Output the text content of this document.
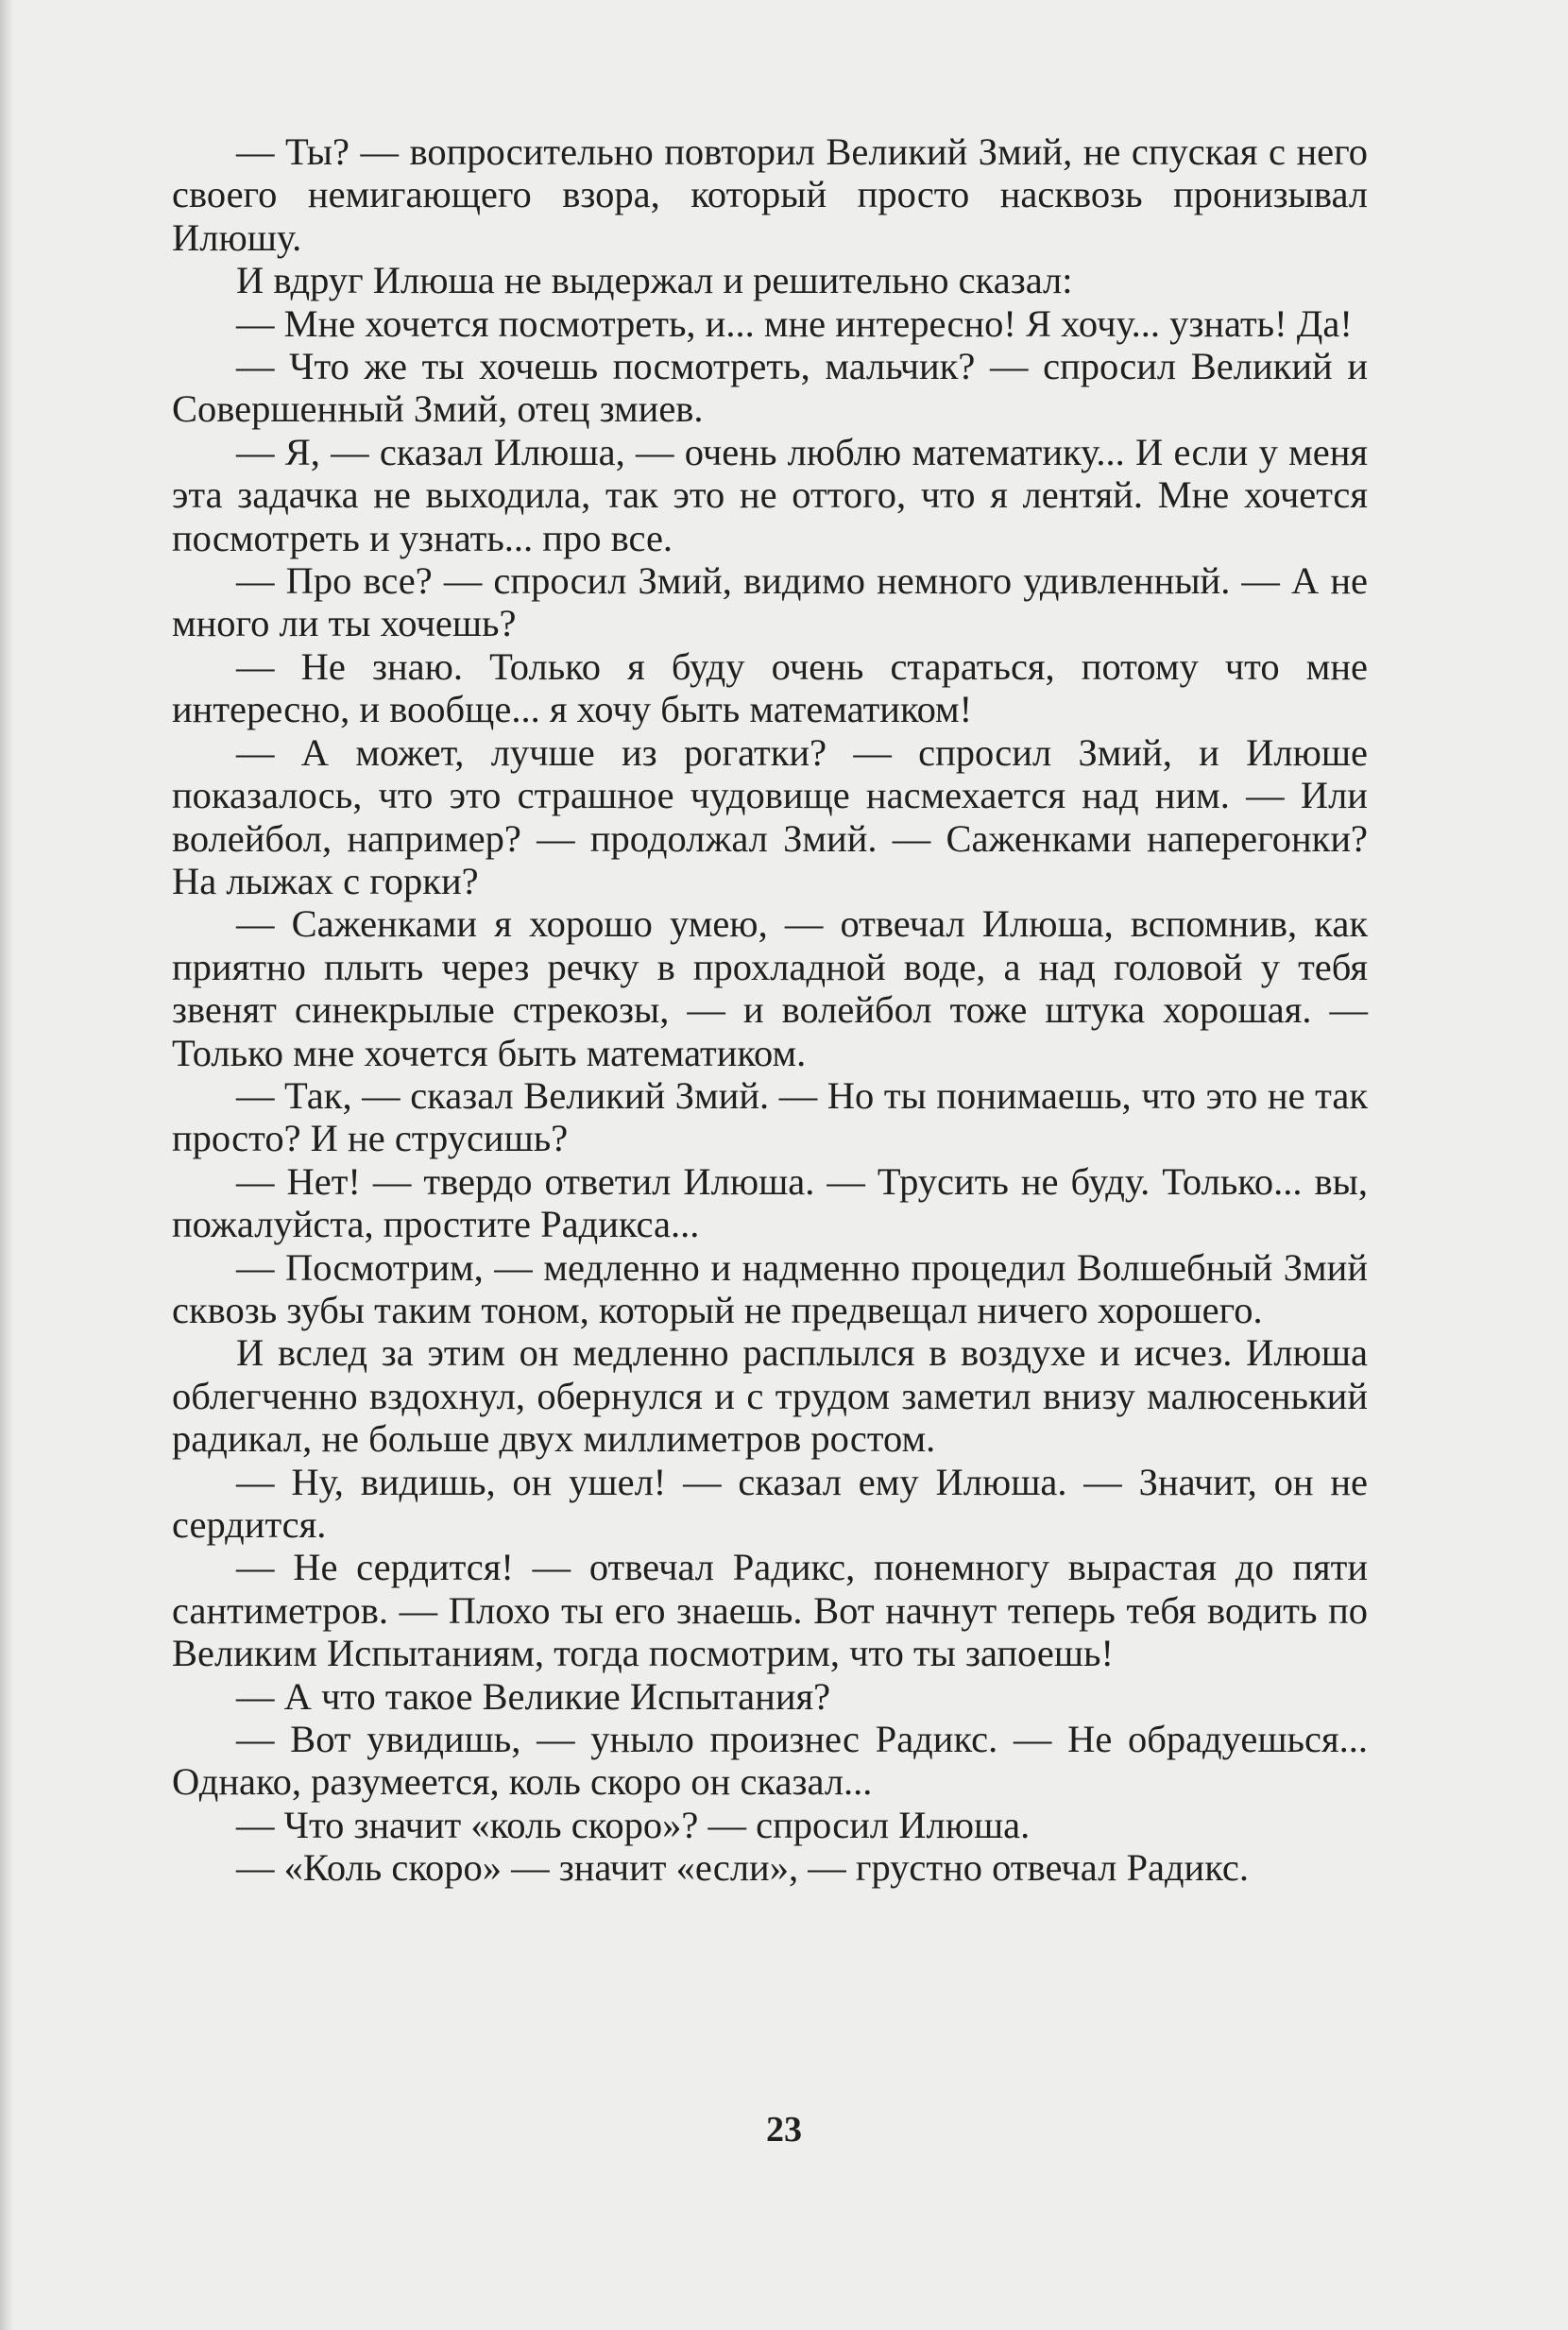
— Ты? — вопросительно повторил Великий Змий, не спуская с него своего немигающего взора, который просто насквозь пронизывал Илюшу.

И вдруг Илюша не выдержал и решительно сказал:

— Мне хочется посмотреть, и... мне интересно! Я хочу... узнать! Да!

— Что же ты хочешь посмотреть, мальчик? — спросил Великий и Совершенный Змий, отец змиев.

— Я, — сказал Илюша, — очень люблю математику... И если у меня эта задачка не выходила, так это не оттого, что я лентяй. Мне хочется посмотреть и узнать... про все.

— Про все? — спросил Змий, видимо немного удивленный. — А не много ли ты хочешь?

— Не знаю. Только я буду очень стараться, потому что мне интересно, и вообще... я хочу быть математиком!

— А может, лучше из рогатки? — спросил Змий, и Илюше показалось, что это страшное чудовище насмехается над ним. — Или волейбол, например? — продолжал Змий. — Саженками наперегонки? На лыжах с горки?

— Саженками я хорошо умею, — отвечал Илюша, вспомнив, как приятно плыть через речку в прохладной воде, а над головой у тебя звенят синекрылые стрекозы, — и волейбол тоже штука хорошая. — Только мне хочется быть математиком.

— Так, — сказал Великий Змий. — Но ты понимаешь, что это не так просто? И не струсишь?

— Нет! — твердо ответил Илюша. — Трусить не буду. Только... вы, пожалуйста, простите Радикса...

— Посмотрим, — медленно и надменно процедил Волшебный Змий сквозь зубы таким тоном, который не предвещал ничего хорошего.

И вслед за этим он медленно расплылся в воздухе и исчез. Илюша облегченно вздохнул, обернулся и с трудом заметил внизу малюсенький радикал, не больше двух миллиметров ростом.

— Ну, видишь, он ушел! — сказал ему Илюша. — Значит, он не сердится.

— Не сердится! — отвечал Радикс, понемногу вырастая до пяти сантиметров. — Плохо ты его знаешь. Вот начнут теперь тебя водить по Великим Испытаниям, тогда посмотрим, что ты запоешь!

— А что такое Великие Испытания?

— Вот увидишь, — уныло произнес Радикс. — Не обрадуешься... Однако, разумеется, коль скоро он сказал...

— Что значит «коль скоро»? — спросил Илюша.

— «Коль скоро» — значит «если», — грустно отвечал Радикс.

23
